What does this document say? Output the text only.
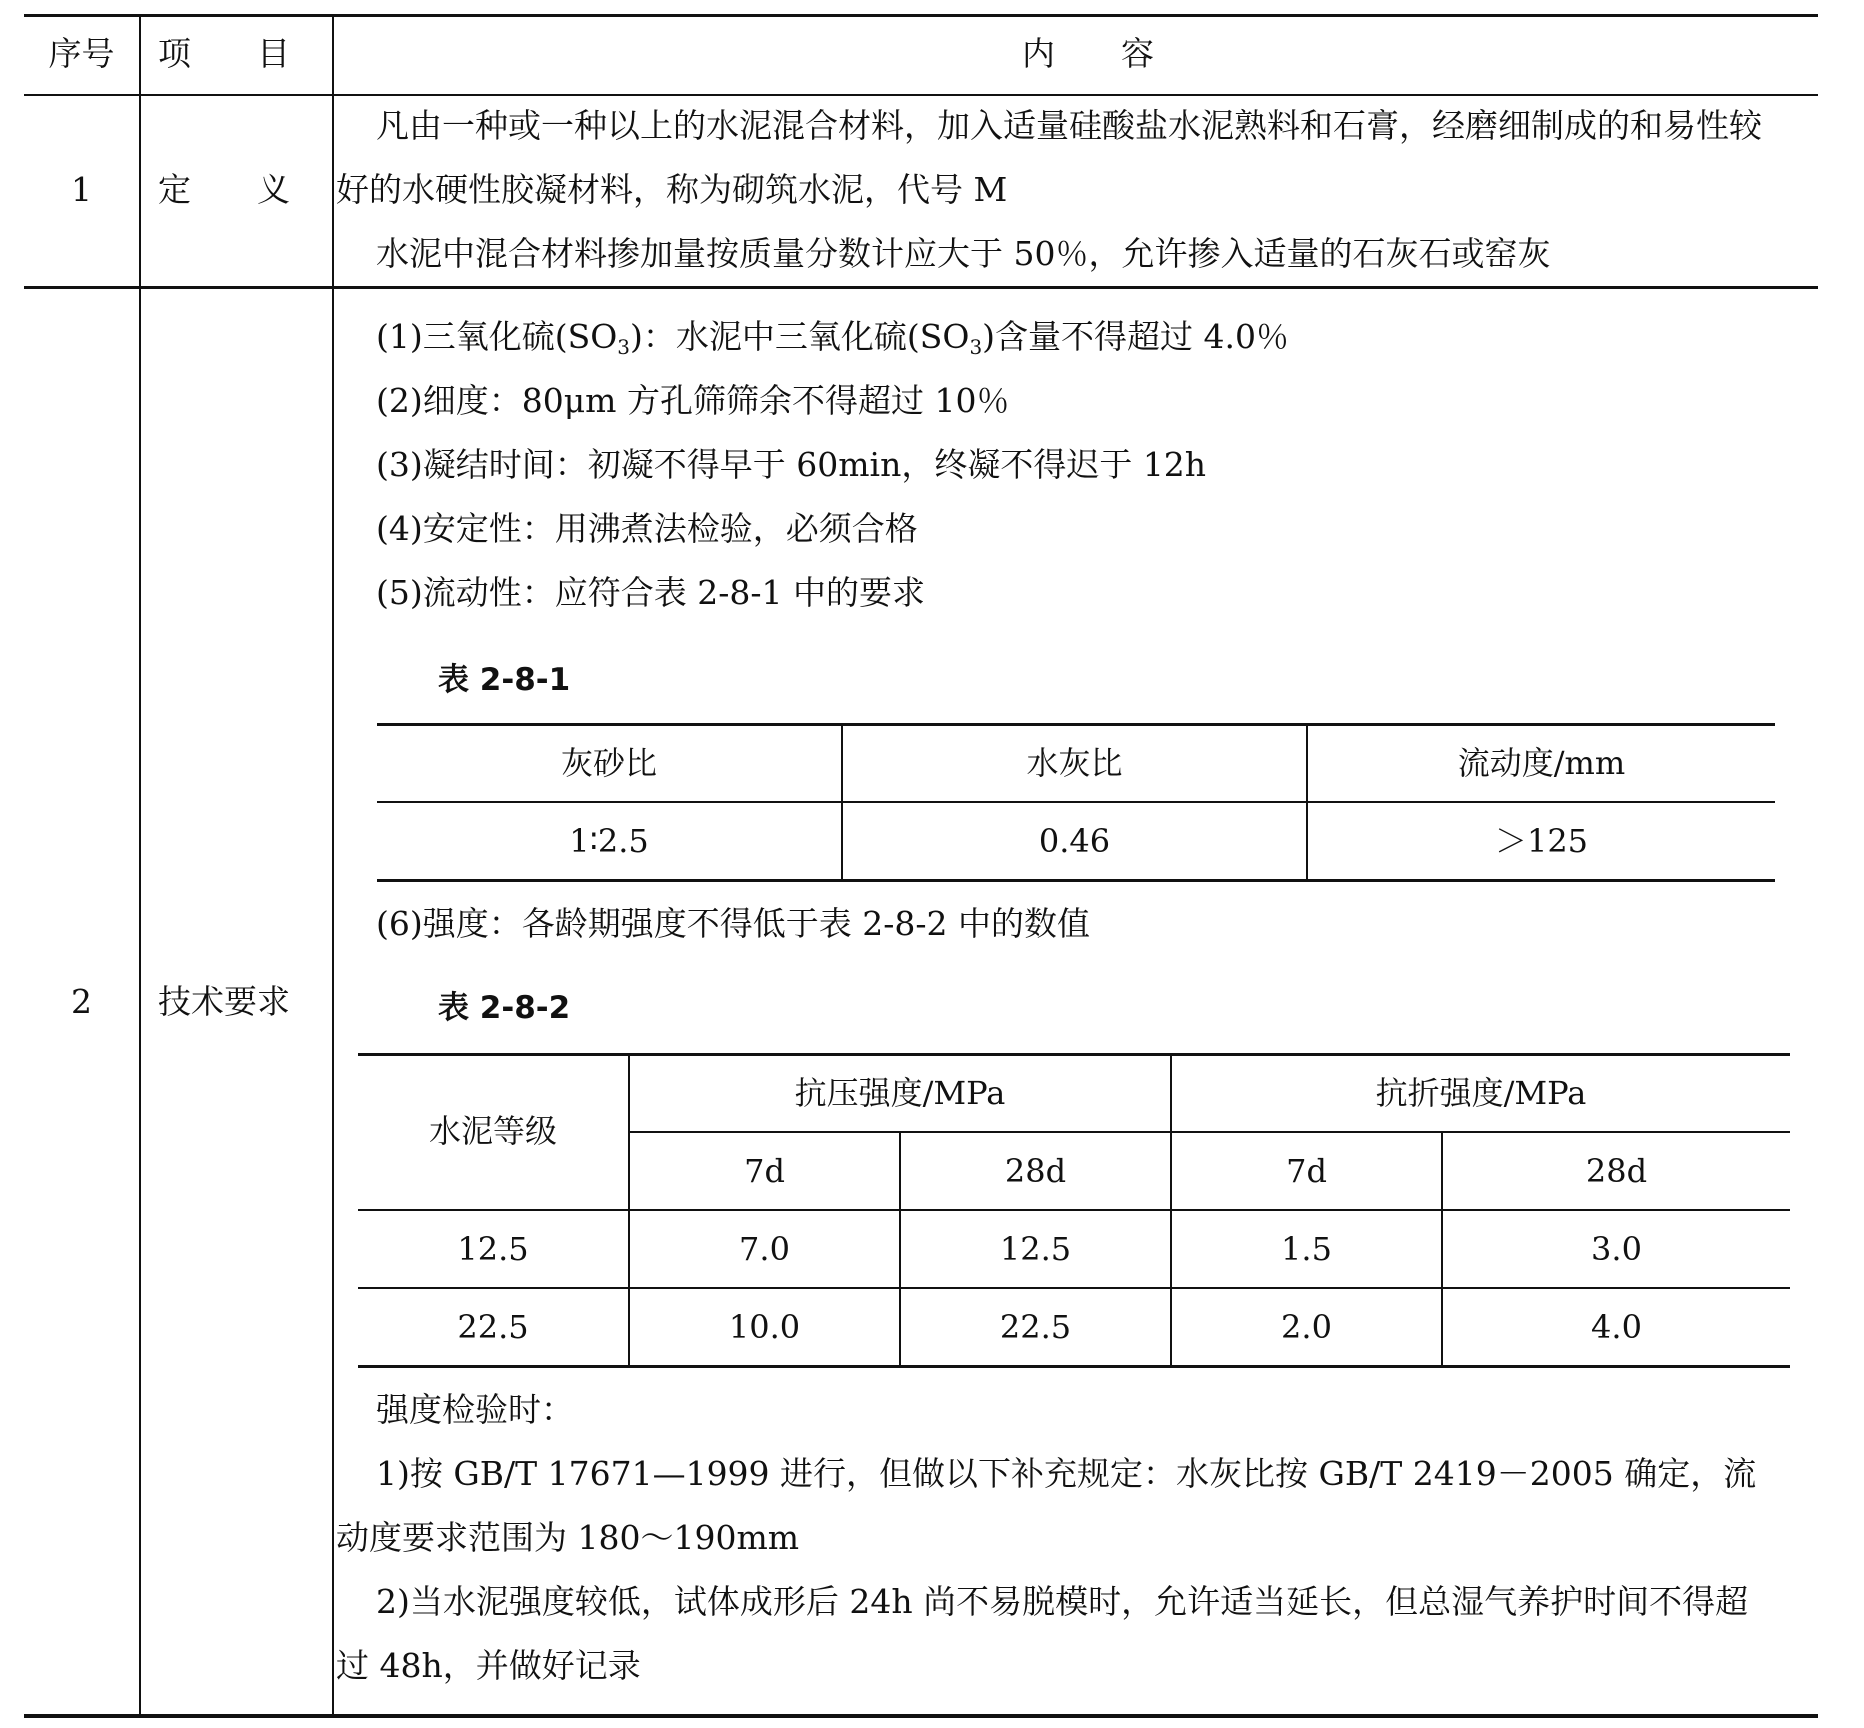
序号	项　　目	内　　容
1	定　　义

凡由一种或一种以上的水泥混合材料，加入适量硅酸盐水泥熟料和石膏，经磨细制成的和易性较好的水硬性胶凝材料，称为砌筑水泥，代号 M

水泥中混合材料掺加量按质量分数计应大于 50％，允许掺入适量的石灰石或窑灰

2	技术要求

(1)三氧化硫$(SO_3)$：水泥中三氧化硫$(SO_3)$含量不得超过 4.0％

(2)细度：80μm 方孔筛筛余不得超过 10％

(3)凝结时间：初凝不得早于 60min，终凝不得迟于 12h

(4)安定性：用沸煮法检验，必须合格

(5)流动性：应符合表 2-8-1 中的要求

表 2-8-1
灰砂比	水灰比	流动度/mm
1∶2.5	0.46	＞125

(6)强度：各龄期强度不得低于表 2-8-2 中的数值

表 2-8-2
水泥等级
抗压强度/MPa	抗折强度/MPa
7d	28d	7d	28d
12.5	7.0	12.5	1.5	3.0
22.5	10.0	22.5	2.0	4.0

强度检验时：

1)按 GB/T 17671—1999 进行，但做以下补充规定：水灰比按 GB/T 2419－2005 确定，流动度要求范围为 180～190mm

2)当水泥强度较低，试体成形后 24h 尚不易脱模时，允许适当延长，但总湿气养护时间不得超过 48h，并做好记录
